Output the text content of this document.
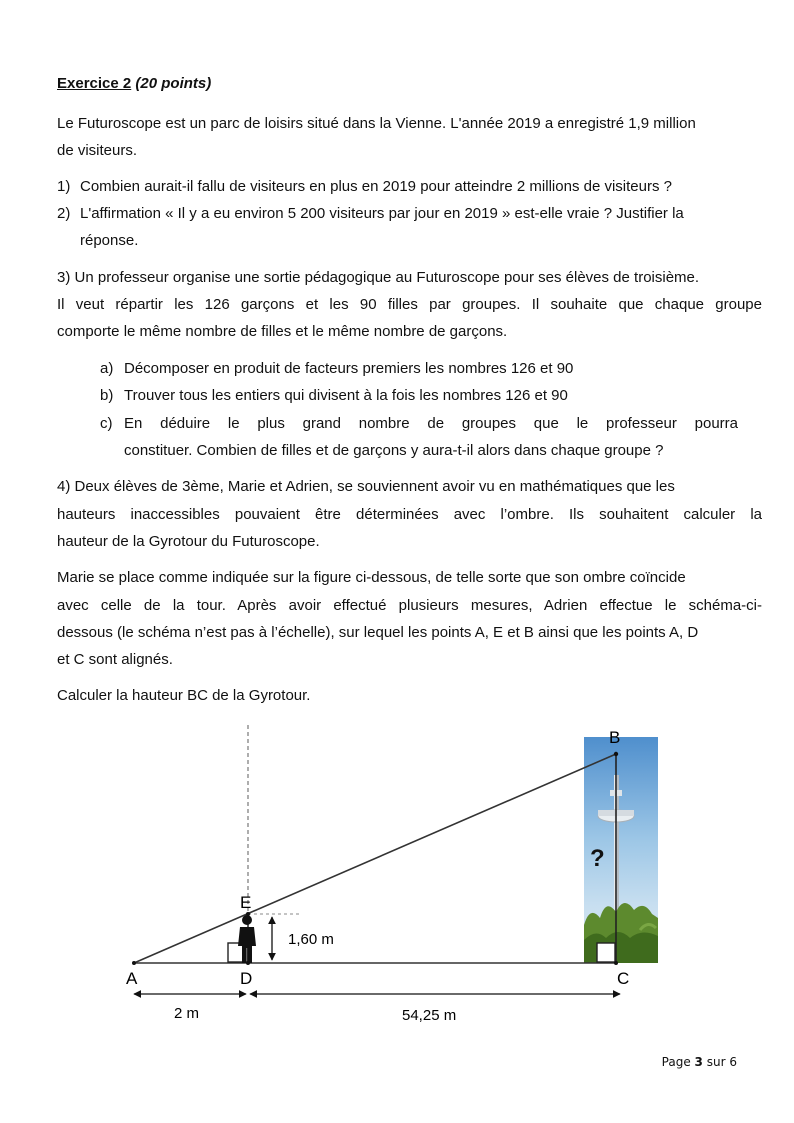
Exercice 2 (20 points)
Le Futuroscope est un parc de loisirs situé dans la Vienne. L'année 2019 a enregistré 1,9 million
de visiteurs.
1) Combien aurait-il fallu de visiteurs en plus en 2019 pour atteindre 2 millions de visiteurs ?
2) L'affirmation « Il y a eu environ 5 200 visiteurs par jour en 2019 » est-elle vraie ? Justifier la
réponse.
3) Un professeur organise une sortie pédagogique au Futuroscope pour ses élèves de troisième.
Il veut répartir les 126 garçons et les 90 filles par groupes. Il souhaite que chaque groupe
comporte le même nombre de filles et le même nombre de garçons.
a) Décomposer en produit de facteurs premiers les nombres 126 et 90
b) Trouver tous les entiers qui divisent à la fois les nombres 126 et 90
c) En déduire le plus grand nombre de groupes que le professeur pourra
constituer. Combien de filles et de garçons y aura-t-il alors dans chaque groupe ?
4) Deux élèves de 3ème, Marie et Adrien, se souviennent avoir vu en mathématiques que les
hauteurs inaccessibles pouvaient être déterminées avec l’ombre. Ils souhaitent calculer la
hauteur de la Gyrotour du Futuroscope.
Marie se place comme indiquée sur la figure ci-dessous, de telle sorte que son ombre coïncide
avec celle de la tour. Après avoir effectué plusieurs mesures, Adrien effectue le schéma-ci-
dessous (le schéma n’est pas à l’échelle), sur lequel les points A, E et B ainsi que les points A, D
et C sont alignés.
Calculer la hauteur BC de la Gyrotour.
A
B
C
D
E
1,60 m
2 m	54,25 m
?
Page 3 sur 6
